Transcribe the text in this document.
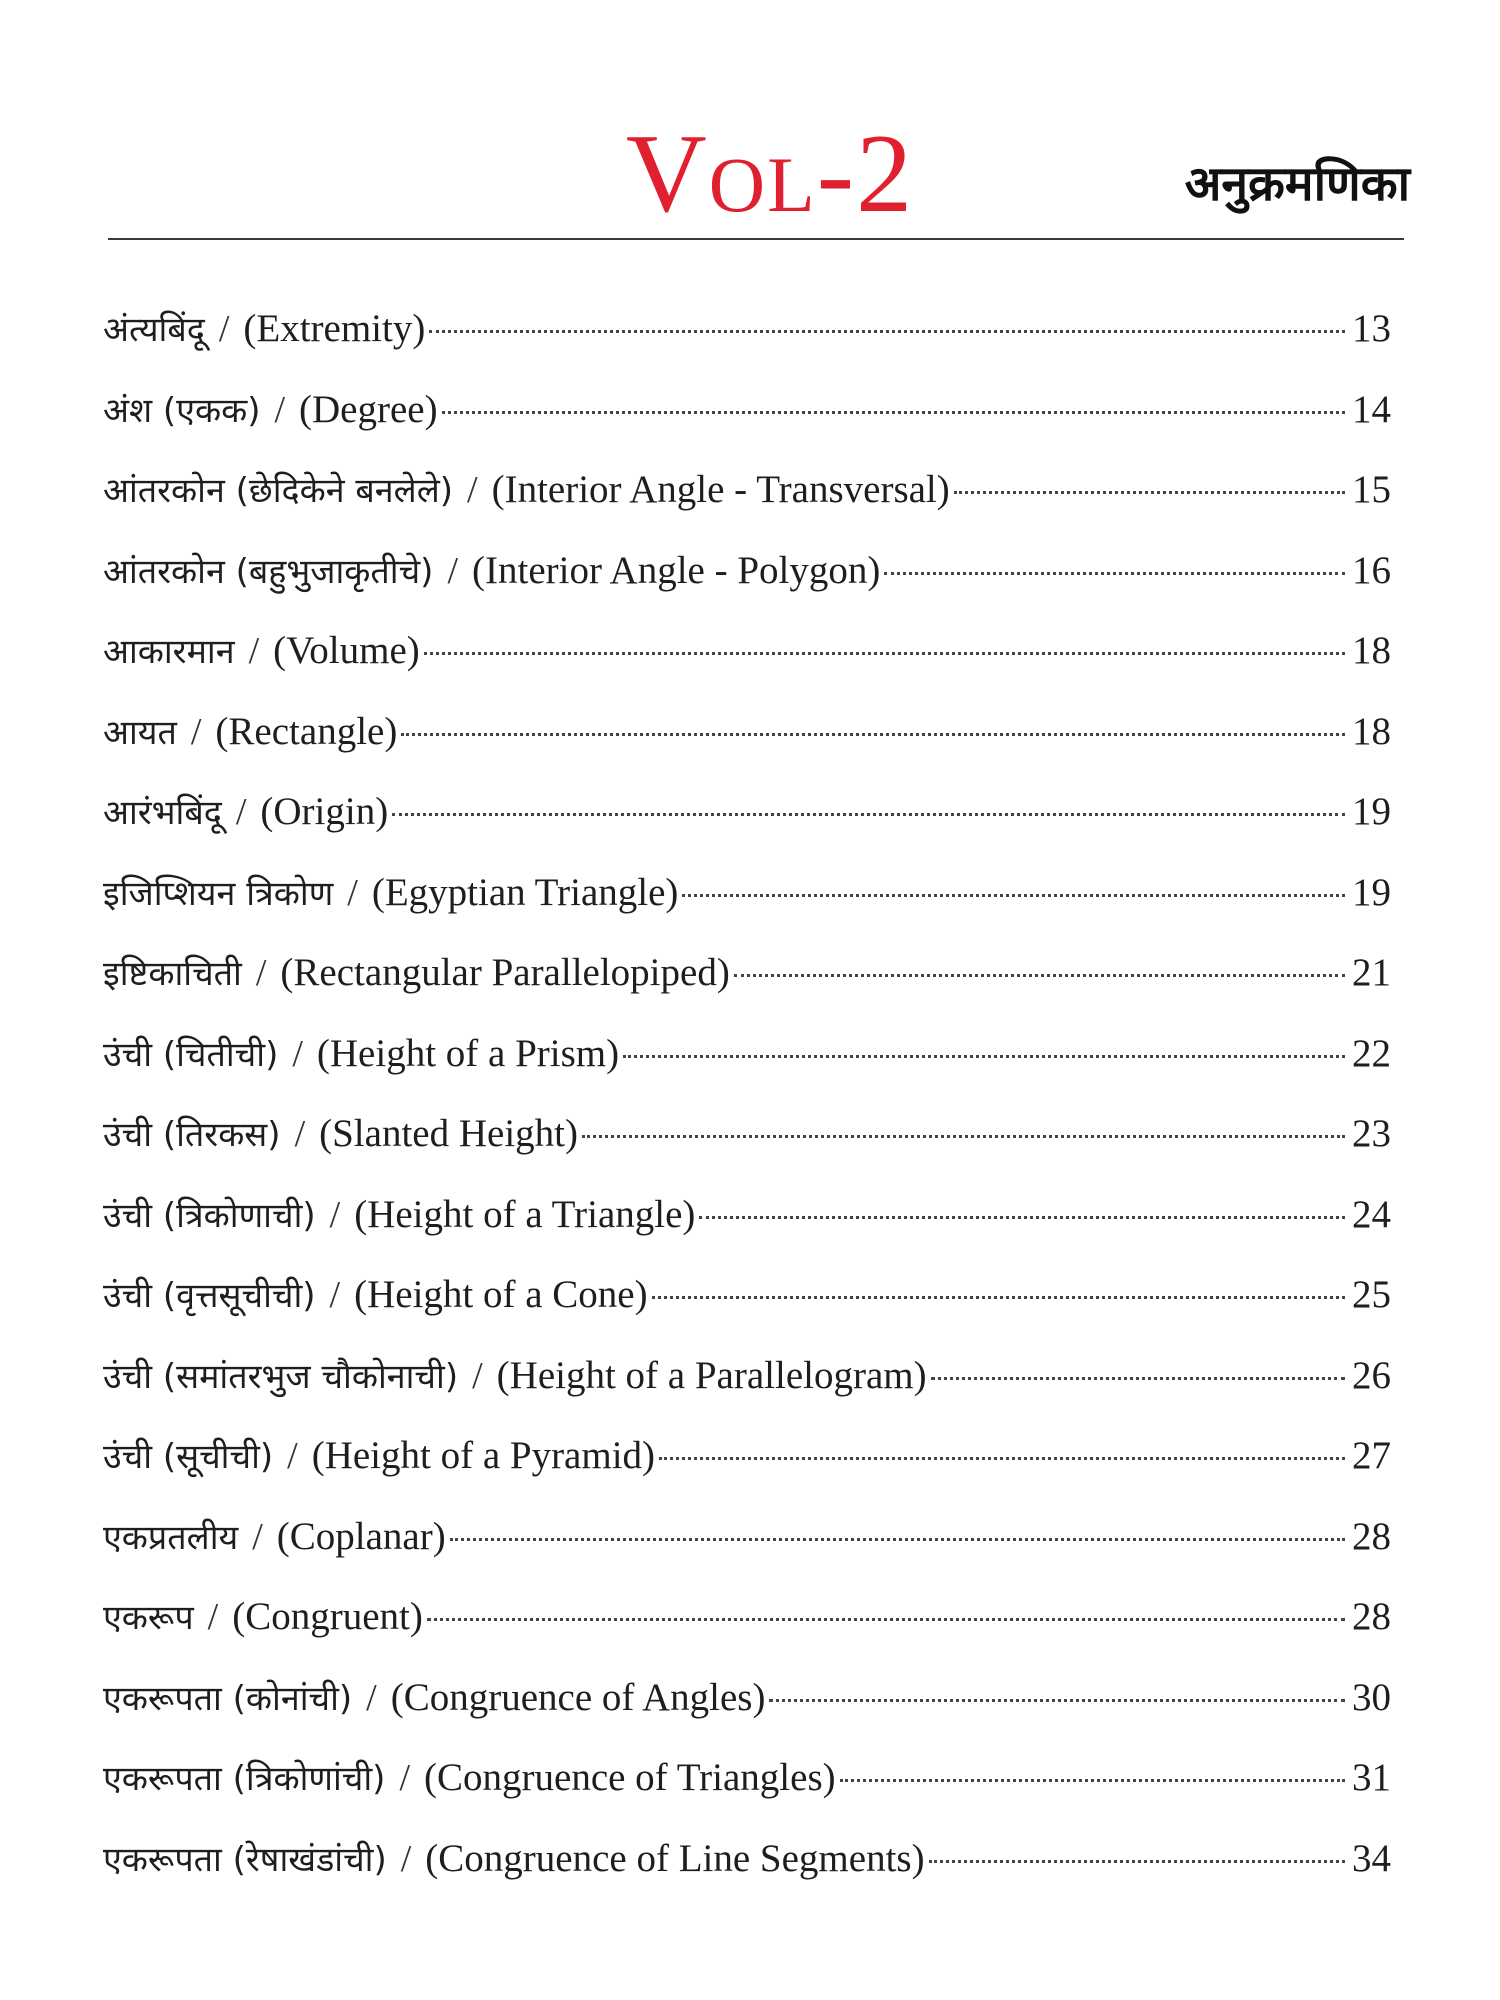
Vol-2	अनुक्रमणिका
अंत्यबिंदू / (Extremity)	13
अंश (एकक) / (Degree)	14
आंतरकोन (छेदिकेने बनलेले) / (Interior Angle - Transversal)	15
आंतरकोन (बहुभुजाकृतीचे) / (Interior Angle - Polygon)	16
आकारमान / (Volume)	18
आयत / (Rectangle)	18
आरंभबिंदू / (Origin)	19
इजिप्शियन त्रिकोण / (Egyptian Triangle)	19
इष्टिकाचिती / (Rectangular Parallelopiped)	21
उंची (चितीची) / (Height of a Prism)	22
उंची (तिरकस) / (Slanted Height)	23
उंची (त्रिकोणाची) / (Height of a Triangle)	24
उंची (वृत्तसूचीची) / (Height of a Cone)	25
उंची (समांतरभुज चौकोनाची) / (Height of a Parallelogram)	26
उंची (सूचीची) / (Height of a Pyramid)	27
एकप्रतलीय / (Coplanar)	28
एकरूप / (Congruent)	28
एकरूपता (कोनांची) / (Congruence of Angles)	30
एकरूपता (त्रिकोणांची) / (Congruence of Triangles)	31
एकरूपता (रेषाखंडांची) / (Congruence of Line Segments)	34
